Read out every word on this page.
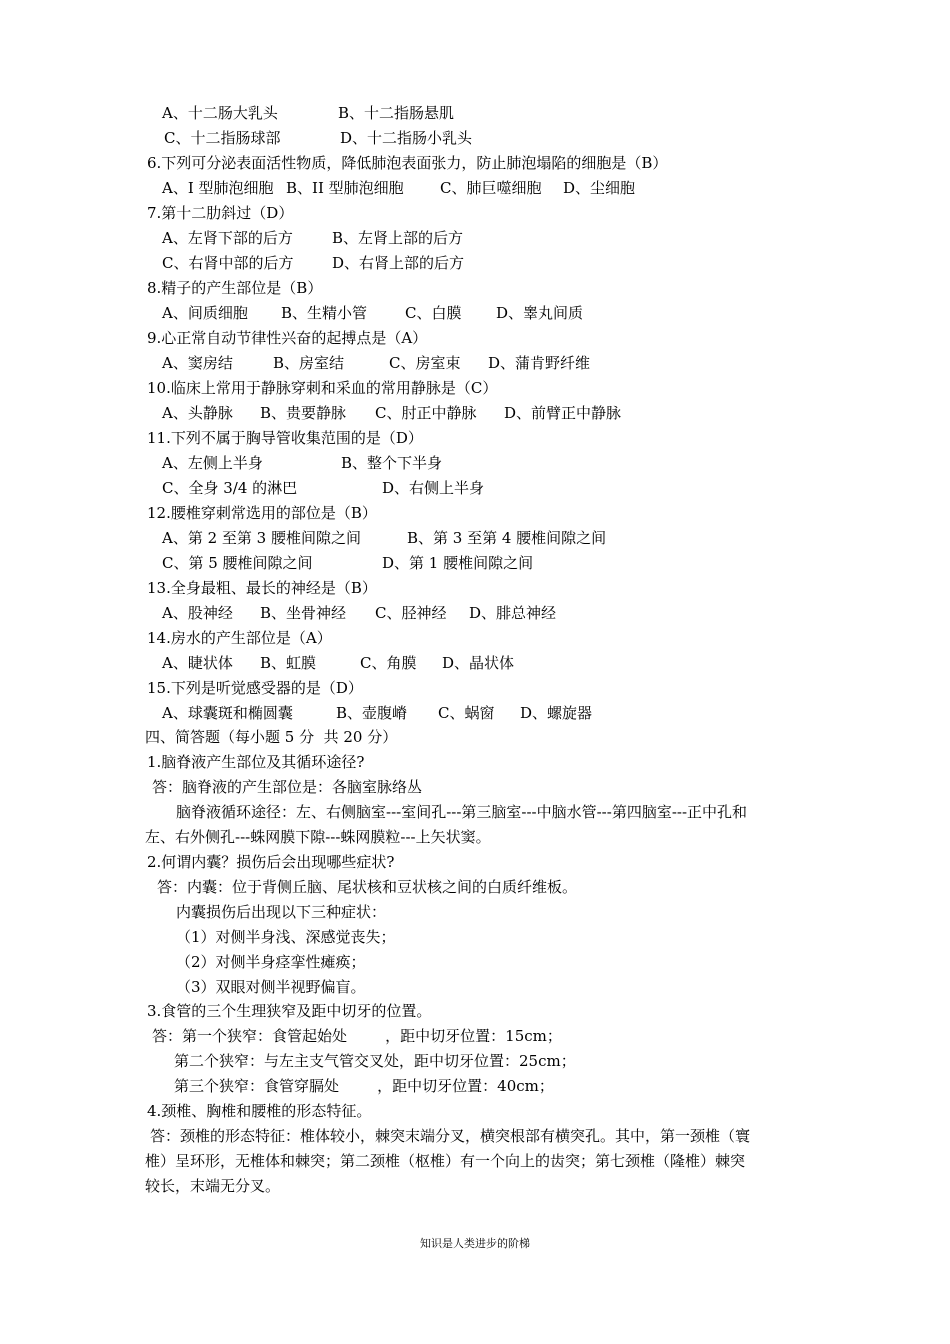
A、十二肠大乳头	B、十二指肠悬肌
C、十二指肠球部	D、十二指肠小乳头
6.下列可分泌表面活性物质，降低肺泡表面张力，防止肺泡塌陷的细胞是（B）
A、I 型肺泡细胞 B、II 型肺泡细胞 C、肺巨噬细胞 D、尘细胞
7.第十二肋斜过（D）
A、左肾下部的后方	B、左肾上部的后方
C、右肾中部的后方	D、右肾上部的后方
8.精子的产生部位是（B）
A、间质细胞 B、生精小管	C、白膜 D、睾丸间质
9.心正常自动节律性兴奋的起搏点是（A）
A、窦房结	B、房室结	C、房室束 D、蒲肯野纤维
10.临床上常用于静脉穿刺和采血的常用静脉是（C）
A、头静脉 B、贵要静脉 C、肘正中静脉 D、前臂正中静脉
11.下列不属于胸导管收集范围的是（D）
A、左侧上半身	B、整个下半身
C、全身 3/4 的淋巴	D、右侧上半身
12.腰椎穿刺常选用的部位是（B）
A、第 2 至第 3 腰椎间隙之间	B、第 3 至第 4 腰椎间隙之间
C、第 5 腰椎间隙之间	D、第 1 腰椎间隙之间
13.全身最粗、最长的神经是（B）
A、股神经 B、坐骨神经 C、胫神经 D、腓总神经
14.房水的产生部位是（A）
A、睫状体 B、虹膜	C、角膜 D、晶状体
15.下列是听觉感受器的是（D）
A、球囊斑和椭圆囊	B、壶腹嵴 C、蜗窗 D、螺旋器
四、简答题（每小题 5 分  共 20 分）
1.脑脊液产生部位及其循环途径?
答：脑脊液的产生部位是：各脑室脉络丛
脑脊液循环途径：左、右侧脑室---室间孔---第三脑室---中脑水管---第四脑室---正中孔和
左、右外侧孔---蛛网膜下隙---蛛网膜粒---上矢状窦。
2.何谓内囊？损伤后会出现哪些症状?
答：内囊：位于背侧丘脑、尾状核和豆状核之间的白质纤维板。
内囊损伤后出现以下三种症状：
（1）对侧半身浅、深感觉丧失；
（2）对侧半身痉挛性瘫痪；
（3）双眼对侧半视野偏盲。
3.食管的三个生理狭窄及距中切牙的位置。
答：第一个狭窄：食管起始处        ，距中切牙位置：15cm；
第二个狭窄：与左主支气管交叉处，距中切牙位置：25cm；
第三个狭窄：食管穿膈处        ，距中切牙位置：40cm；
4.颈椎、胸椎和腰椎的形态特征。
答：颈椎的形态特征：椎体较小，棘突末端分叉，横突根部有横突孔。其中，第一颈椎（寰
椎）呈环形，无椎体和棘突；第二颈椎（枢椎）有一个向上的齿突；第七颈椎（隆椎）棘突
较长，末端无分叉。
知识是人类进步的阶梯
